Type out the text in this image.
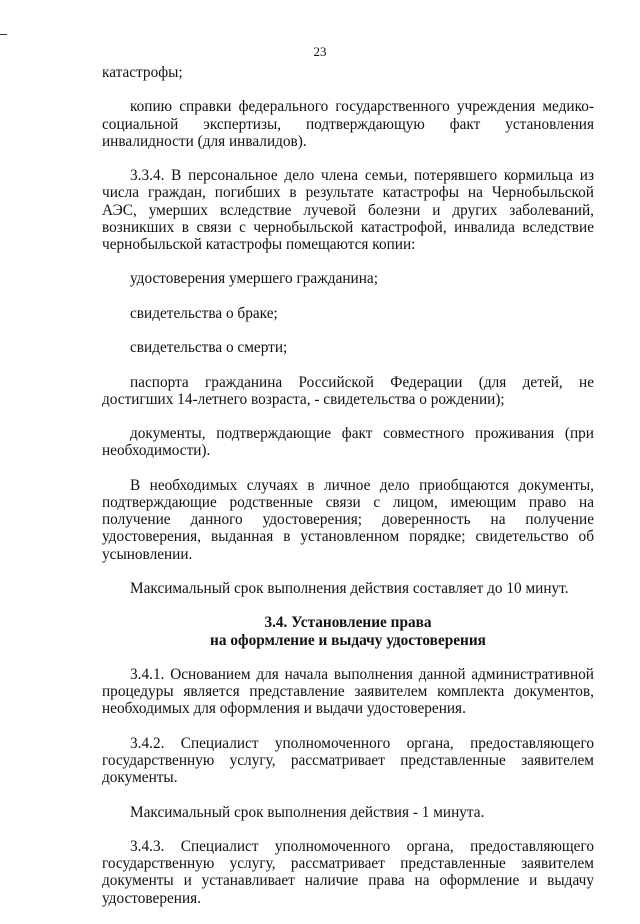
23

катастрофы;

копию справки федерального государственного учреждения медико-социальной экспертизы, подтверждающую факт установления инвалидности (для инвалидов).

3.3.4. В персональное дело члена семьи, потерявшего кормильца из числа граждан, погибших в результате катастрофы на Чернобыльской АЭС, умерших вследствие лучевой болезни и других заболеваний, возникших в связи с чернобыльской катастрофой, инвалида вследствие чернобыльской катастрофы помещаются копии:

удостоверения умершего гражданина;

свидетельства о браке;

свидетельства о смерти;

паспорта гражданина Российской Федерации (для детей, не достигших 14-летнего возраста, - свидетельства о рождении);

документы, подтверждающие факт совместного проживания (при необходимости).

В необходимых случаях в личное дело приобщаются документы, подтверждающие родственные связи с лицом, имеющим право на получение данного удостоверения; доверенность на получение удостоверения, выданная в установленном порядке; свидетельство об усыновлении.

Максимальный срок выполнения действия составляет до 10 минут.

3.4. Установление права
на оформление и выдачу удостоверения

3.4.1. Основанием для начала выполнения данной административной процедуры является представление заявителем комплекта документов, необходимых для оформления и выдачи удостоверения.

3.4.2. Специалист уполномоченного органа, предоставляющего государственную услугу, рассматривает представленные заявителем документы.

Максимальный срок выполнения действия - 1 минута.

3.4.3. Специалист уполномоченного органа, предоставляющего государственную услугу, рассматривает представленные заявителем документы и устанавливает наличие права на оформление и выдачу удостоверения.
